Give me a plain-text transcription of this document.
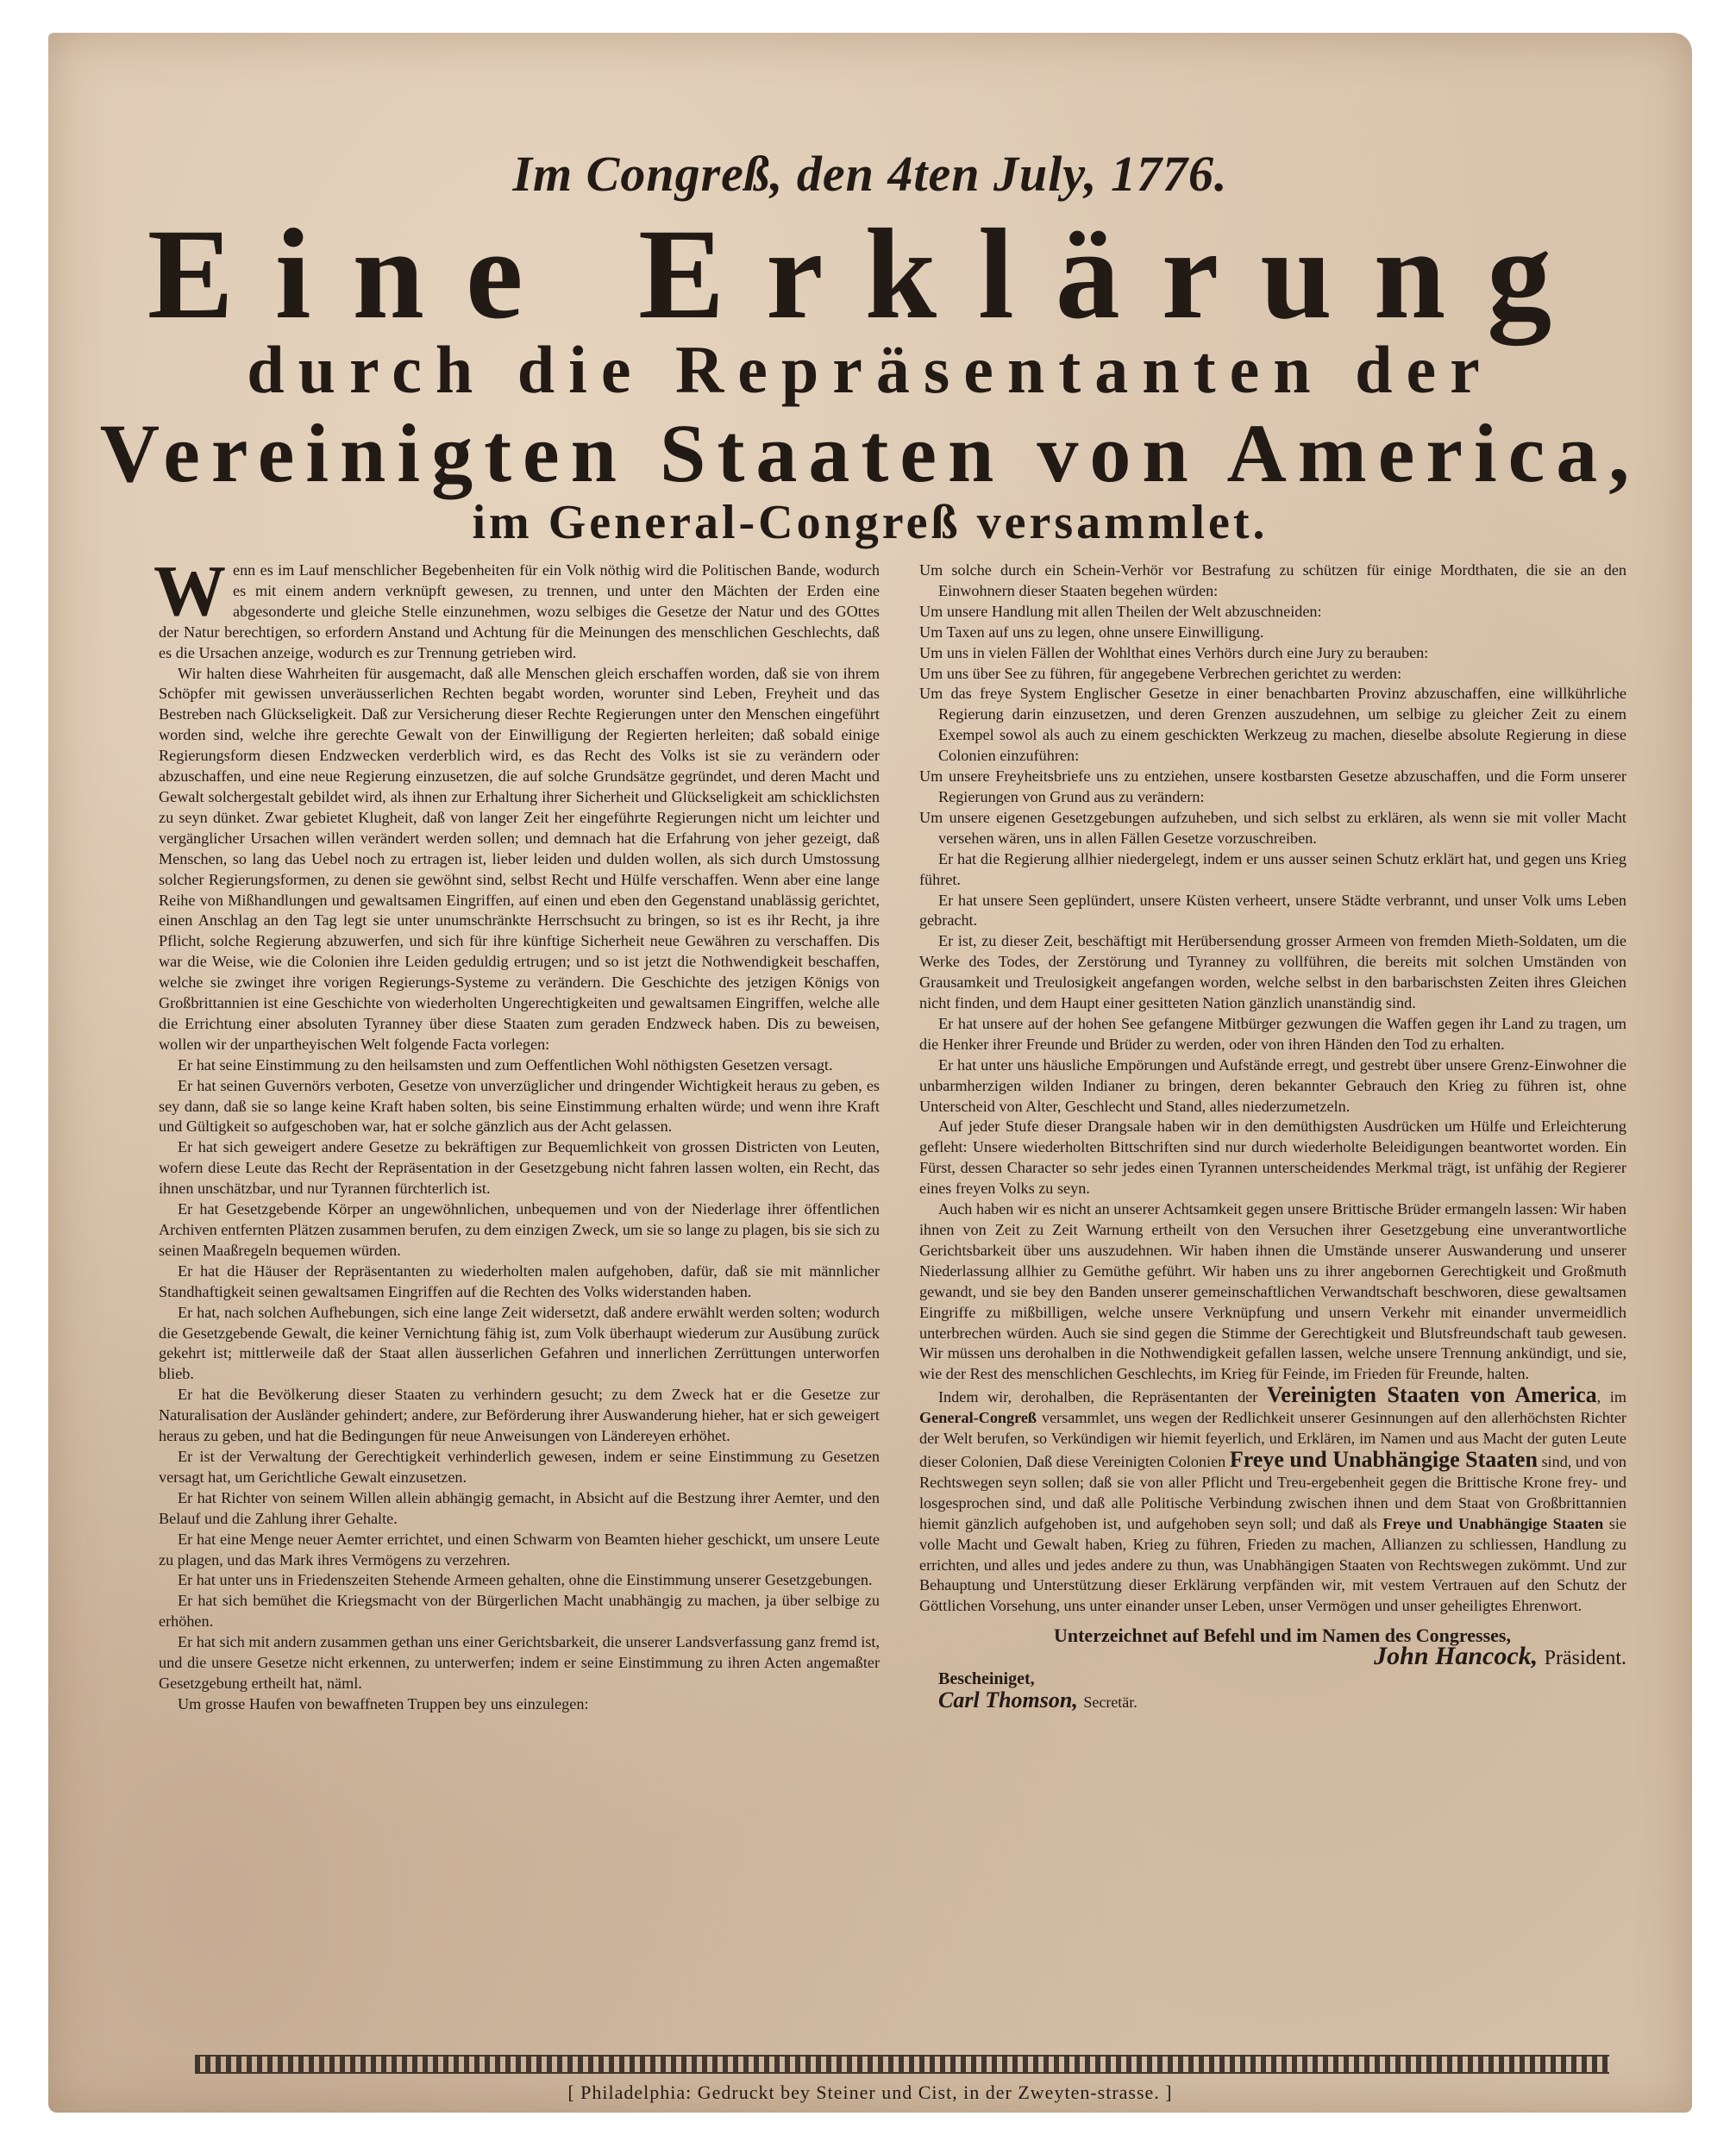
Im Congreß, den 4ten July, 1776.
Eine Erklärung
durch die Repräsentanten der
Vereinigten Staaten von America,
im General-Congreß versammlet.

Wenn es im Lauf menschlicher Begebenheiten für ein Volk nöthig wird die Politischen Bande, wodurch es mit einem andern verknüpft gewesen, zu trennen, und unter den Mächten der Erden eine abgesonderte und gleiche Stelle einzunehmen, wozu selbiges die Gesetze der Natur und des GOttes der Natur berechtigen, so erfordern Anstand und Achtung für die Meinungen des menschlichen Geschlechts, daß es die Ursachen anzeige, wodurch es zur Trennung getrieben wird.

Wir halten diese Wahrheiten für ausgemacht, daß alle Menschen gleich erschaffen worden, daß sie von ihrem Schöpfer mit gewissen unveräusserlichen Rechten begabt worden, worunter sind Leben, Freyheit und das Bestreben nach Glückseligkeit. Daß zur Versicherung dieser Rechte Regierungen unter den Menschen eingeführt worden sind, welche ihre gerechte Gewalt von der Einwilligung der Regierten herleiten; daß sobald einige Regierungsform diesen Endzwecken verderblich wird, es das Recht des Volks ist sie zu verändern oder abzuschaffen, und eine neue Regierung einzusetzen, die auf solche Grundsätze gegründet, und deren Macht und Gewalt solchergestalt gebildet wird, als ihnen zur Erhaltung ihrer Sicherheit und Glückseligkeit am schicklichsten zu seyn dünket. Zwar gebietet Klugheit, daß von langer Zeit her eingeführte Regierungen nicht um leichter und vergänglicher Ursachen willen verändert werden sollen; und demnach hat die Erfahrung von jeher gezeigt, daß Menschen, so lang das Uebel noch zu ertragen ist, lieber leiden und dulden wollen, als sich durch Umstossung solcher Regierungsformen, zu denen sie gewöhnt sind, selbst Recht und Hülfe verschaffen. Wenn aber eine lange Reihe von Mißhandlungen und gewaltsamen Eingriffen, auf einen und eben den Gegenstand unablässig gerichtet, einen Anschlag an den Tag legt sie unter unumschränkte Herrschsucht zu bringen, so ist es ihr Recht, ja ihre Pflicht, solche Regierung abzuwerfen, und sich für ihre künftige Sicherheit neue Gewähren zu verschaffen. Dis war die Weise, wie die Colonien ihre Leiden geduldig ertrugen; und so ist jetzt die Nothwendigkeit beschaffen, welche sie zwinget ihre vorigen Regierungs-Systeme zu verändern. Die Geschichte des jetzigen Königs von Großbrittannien ist eine Geschichte von wiederholten Ungerechtigkeiten und gewaltsamen Eingriffen, welche alle die Errichtung einer absoluten Tyranney über diese Staaten zum geraden Endzweck haben. Dis zu beweisen, wollen wir der unpartheyischen Welt folgende Facta vorlegen:

Er hat seine Einstimmung zu den heilsamsten und zum Oeffentlichen Wohl nöthigsten Gesetzen versagt.

Er hat seinen Guvernörs verboten, Gesetze von unverzüglicher und dringender Wichtigkeit heraus zu geben, es sey dann, daß sie so lange keine Kraft haben solten, bis seine Einstimmung erhalten würde; und wenn ihre Kraft und Gültigkeit so aufgeschoben war, hat er solche gänzlich aus der Acht gelassen.

Er hat sich geweigert andere Gesetze zu bekräftigen zur Bequemlichkeit von grossen Districten von Leuten, wofern diese Leute das Recht der Repräsentation in der Gesetzgebung nicht fahren lassen wolten, ein Recht, das ihnen unschätzbar, und nur Tyrannen fürchterlich ist.

Er hat Gesetzgebende Körper an ungewöhnlichen, unbequemen und von der Niederlage ihrer öffentlichen Archiven entfernten Plätzen zusammen berufen, zu dem einzigen Zweck, um sie so lange zu plagen, bis sie sich zu seinen Maaßregeln bequemen würden.

Er hat die Häuser der Repräsentanten zu wiederholten malen aufgehoben, dafür, daß sie mit männlicher Standhaftigkeit seinen gewaltsamen Eingriffen auf die Rechten des Volks widerstanden haben.

Er hat, nach solchen Aufhebungen, sich eine lange Zeit widersetzt, daß andere erwählt werden solten; wodurch die Gesetzgebende Gewalt, die keiner Vernichtung fähig ist, zum Volk überhaupt wiederum zur Ausübung zurück gekehrt ist; mittlerweile daß der Staat allen äusserlichen Gefahren und innerlichen Zerrüttungen unterworfen blieb.

Er hat die Bevölkerung dieser Staaten zu verhindern gesucht; zu dem Zweck hat er die Gesetze zur Naturalisation der Ausländer gehindert; andere, zur Beförderung ihrer Auswanderung hieher, hat er sich geweigert heraus zu geben, und hat die Bedingungen für neue Anweisungen von Ländereyen erhöhet.

Er ist der Verwaltung der Gerechtigkeit verhinderlich gewesen, indem er seine Einstimmung zu Gesetzen versagt hat, um Gerichtliche Gewalt einzusetzen.

Er hat Richter von seinem Willen allein abhängig gemacht, in Absicht auf die Bestzung ihrer Aemter, und den Belauf und die Zahlung ihrer Gehalte.

Er hat eine Menge neuer Aemter errichtet, und einen Schwarm von Beamten hieher geschickt, um unsere Leute zu plagen, und das Mark ihres Vermögens zu verzehren.

Er hat unter uns in Friedenszeiten Stehende Armeen gehalten, ohne die Einstimmung unserer Gesetzgebungen.

Er hat sich bemühet die Kriegsmacht von der Bürgerlichen Macht unabhängig zu machen, ja über selbige zu erhöhen.

Er hat sich mit andern zusammen gethan uns einer Gerichtsbarkeit, die unserer Landsverfassung ganz fremd ist, und die unsere Gesetze nicht erkennen, zu unterwerfen; indem er seine Einstimmung zu ihren Acten angemaßter Gesetzgebung ertheilt hat, näml.

Um grosse Haufen von bewaffneten Truppen bey uns einzulegen:

Um solche durch ein Schein-Verhör vor Bestrafung zu schützen für einige Mordthaten, die sie an den Einwohnern dieser Staaten begehen würden:

Um unsere Handlung mit allen Theilen der Welt abzuschneiden:

Um Taxen auf uns zu legen, ohne unsere Einwilligung.

Um uns in vielen Fällen der Wohlthat eines Verhörs durch eine Jury zu berauben:

Um uns über See zu führen, für angegebene Verbrechen gerichtet zu werden:

Um das freye System Englischer Gesetze in einer benachbarten Provinz abzuschaffen, eine willkührliche Regierung darin einzusetzen, und deren Grenzen auszudehnen, um selbige zu gleicher Zeit zu einem Exempel sowol als auch zu einem geschickten Werkzeug zu machen, dieselbe absolute Regierung in diese Colonien einzuführen:

Um unsere Freyheitsbriefe uns zu entziehen, unsere kostbarsten Gesetze abzuschaffen, und die Form unserer Regierungen von Grund aus zu verändern:

Um unsere eigenen Gesetzgebungen aufzuheben, und sich selbst zu erklären, als wenn sie mit voller Macht versehen wären, uns in allen Fällen Gesetze vorzuschreiben.

Er hat die Regierung allhier niedergelegt, indem er uns ausser seinen Schutz erklärt hat, und gegen uns Krieg führet.

Er hat unsere Seen geplündert, unsere Küsten verheert, unsere Städte verbrannt, und unser Volk ums Leben gebracht.

Er ist, zu dieser Zeit, beschäftigt mit Herübersendung grosser Armeen von fremden Mieth-Soldaten, um die Werke des Todes, der Zerstörung und Tyranney zu vollführen, die bereits mit solchen Umständen von Grausamkeit und Treulosigkeit angefangen worden, welche selbst in den barbarischsten Zeiten ihres Gleichen nicht finden, und dem Haupt einer gesitteten Nation gänzlich unanständig sind.

Er hat unsere auf der hohen See gefangene Mitbürger gezwungen die Waffen gegen ihr Land zu tragen, um die Henker ihrer Freunde und Brüder zu werden, oder von ihren Händen den Tod zu erhalten.

Er hat unter uns häusliche Empörungen und Aufstände erregt, und gestrebt über unsere Grenz-Einwohner die unbarmherzigen wilden Indianer zu bringen, deren bekannter Gebrauch den Krieg zu führen ist, ohne Unterscheid von Alter, Geschlecht und Stand, alles niederzumetzeln.

Auf jeder Stufe dieser Drangsale haben wir in den demüthigsten Ausdrücken um Hülfe und Erleichterung gefleht: Unsere wiederholten Bittschriften sind nur durch wiederholte Beleidigungen beantwortet worden. Ein Fürst, dessen Character so sehr jedes einen Tyrannen unterscheidendes Merkmal trägt, ist unfähig der Regierer eines freyen Volks zu seyn.

Auch haben wir es nicht an unserer Achtsamkeit gegen unsere Brittische Brüder ermangeln lassen: Wir haben ihnen von Zeit zu Zeit Warnung ertheilt von den Versuchen ihrer Gesetzgebung eine unverantwortliche Gerichtsbarkeit über uns auszudehnen. Wir haben ihnen die Umstände unserer Auswanderung und unserer Niederlassung allhier zu Gemüthe geführt. Wir haben uns zu ihrer angebornen Gerechtigkeit und Großmuth gewandt, und sie bey den Banden unserer gemeinschaftlichen Verwandtschaft beschworen, diese gewaltsamen Eingriffe zu mißbilligen, welche unsere Verknüpfung und unsern Verkehr mit einander unvermeidlich unterbrechen würden. Auch sie sind gegen die Stimme der Gerechtigkeit und Blutsfreundschaft taub gewesen. Wir müssen uns derohalben in die Nothwendigkeit gefallen lassen, welche unsere Trennung ankündigt, und sie, wie der Rest des menschlichen Geschlechts, im Krieg für Feinde, im Frieden für Freunde, halten.

Indem wir, derohalben, die Repräsentanten der Vereinigten Staaten von America, im General-Congreß versammlet, uns wegen der Redlichkeit unserer Gesinnungen auf den allerhöchsten Richter der Welt berufen, so Verkündigen wir hiemit feyerlich, und Erklären, im Namen und aus Macht der guten Leute dieser Colonien, Daß diese Vereinigten Colonien Freye und Unabhängige Staaten sind, und von Rechtswegen seyn sollen; daß sie von aller Pflicht und Treu-ergebenheit gegen die Brittische Krone frey- und losgesprochen sind, und daß alle Politische Verbindung zwischen ihnen und dem Staat von Großbrittannien hiemit gänzlich aufgehoben ist, und aufgehoben seyn soll; und daß als Freye und Unabhängige Staaten sie volle Macht und Gewalt haben, Krieg zu führen, Frieden zu machen, Allianzen zu schliessen, Handlung zu errichten, und alles und jedes andere zu thun, was Unabhängigen Staaten von Rechtswegen zukömmt. Und zur Behauptung und Unterstützung dieser Erklärung verpfänden wir, mit vestem Vertrauen auf den Schutz der Göttlichen Vorsehung, uns unter einander unser Leben, unser Vermögen und unser geheiligtes Ehrenwort.

Unterzeichnet auf Befehl und im Namen des Congresses,

John Hancock, Präsident.

Bescheiniget,

Carl Thomson, Secretär.

[ Philadelphia: Gedruckt bey Steiner und Cist, in der Zweyten-strasse. ]
